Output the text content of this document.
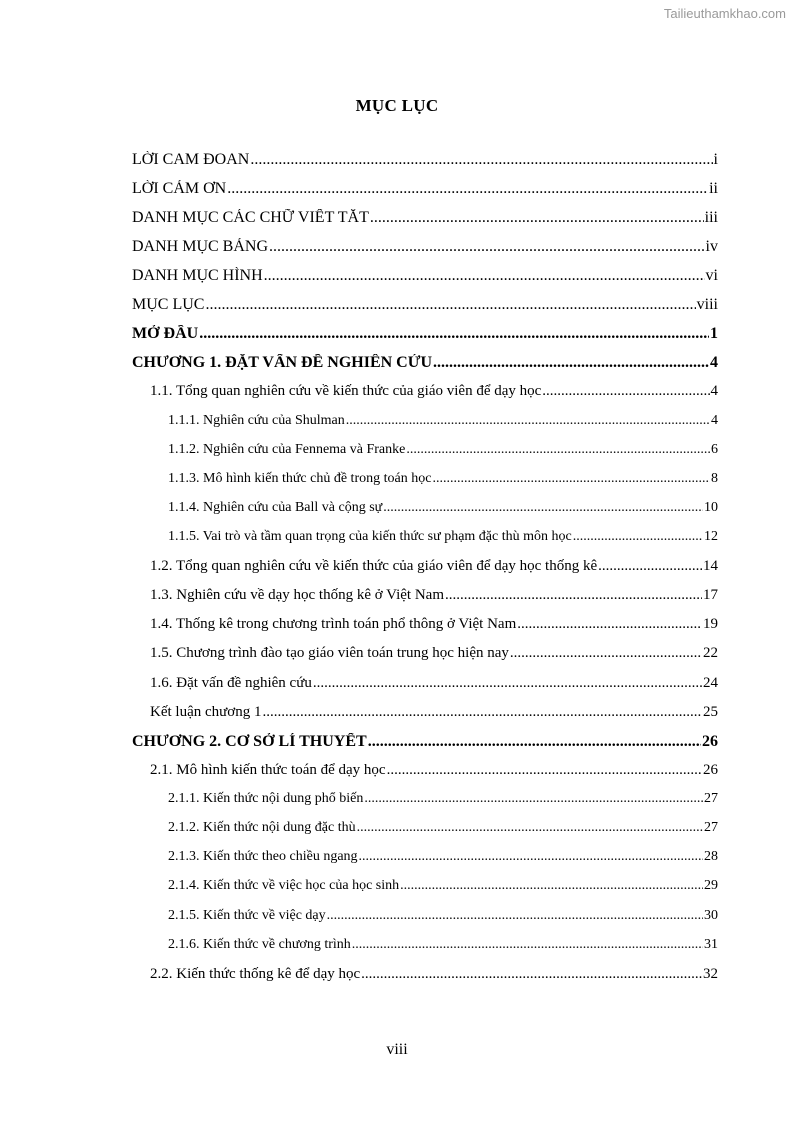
Tailieuthamkhao.com
MỤC LỤC
LỜI CAM ĐOAN .....	i
LỜI CẢM ƠN .....	ii
DANH MỤC CÁC CHỮ VIẾT TẮT .....	iii
DANH MỤC BẢNG .....	iv
DANH MỤC HÌNH .....	vi
MỤC LỤC .....	viii
MỞ ĐẦU .....	1
CHƯƠNG 1. ĐẶT VẤN ĐỀ NGHIÊN CỨU .....	4
1.1. Tổng quan nghiên cứu về kiến thức của giáo viên để dạy học .....	4
1.1.1. Nghiên cứu của Shulman .....	4
1.1.2. Nghiên cứu của Fennema và Franke .....	6
1.1.3. Mô hình kiến thức chủ đề trong toán học .....	8
1.1.4. Nghiên cứu của Ball và cộng sự .....	10
1.1.5. Vai trò và tầm quan trọng của kiến thức sư phạm đặc thù môn học .....	12
1.2. Tổng quan nghiên cứu về kiến thức của giáo viên để dạy học thống kê .....	14
1.3. Nghiên cứu về dạy học thống kê ở Việt Nam .....	17
1.4. Thống kê trong chương trình toán phổ thông ở Việt Nam .....	19
1.5. Chương trình đào tạo giáo viên toán trung học hiện nay .....	22
1.6. Đặt vấn đề nghiên cứu .....	24
Kết luận chương 1 .....	25
CHƯƠNG 2. CƠ SỞ LÍ THUYẾT .....	26
2.1. Mô hình kiến thức toán để dạy học .....	26
2.1.1. Kiến thức nội dung phổ biến .....	27
2.1.2. Kiến thức nội dung đặc thù .....	27
2.1.3. Kiến thức theo chiều ngang .....	28
2.1.4. Kiến thức về việc học của học sinh .....	29
2.1.5. Kiến thức về việc dạy .....	30
2.1.6. Kiến thức về chương trình .....	31
2.2. Kiến thức thống kê để dạy học .....	32
viii
